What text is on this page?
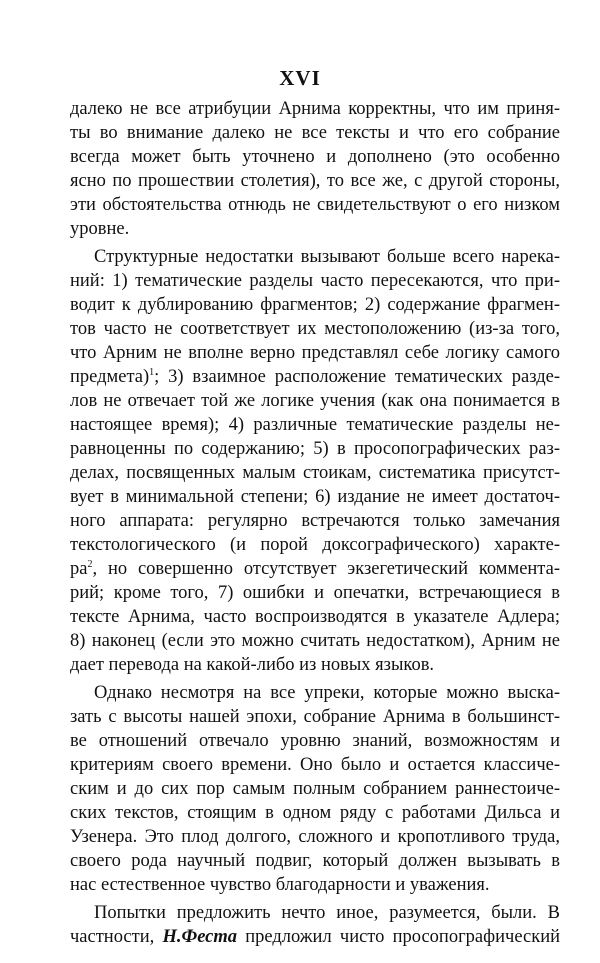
XVI
далеко не все атрибуции Арнима корректны, что им приня-
ты во внимание далеко не все тексты и что его собрание
всегда может быть уточнено и дополнено (это особенно
ясно по прошествии столетия), то все же, с другой стороны,
эти обстоятельства отнюдь не свидетельствуют о его низком
уровне.
Структурные недостатки вызывают больше всего нарека-
ний: 1) тематические разделы часто пересекаются, что при-
водит к дублированию фрагментов; 2) содержание фрагмен-
тов часто не соответствует их местоположению (из-за того,
что Арним не вполне верно представлял себе логику самого
предмета)$^1$; 3) взаимное расположение тематических разде-
лов не отвечает той же логике учения (как она понимается в
настоящее время); 4) различные тематические разделы не-
равноценны по содержанию; 5) в просопографических раз-
делах, посвященных малым стоикам, систематика присутст-
вует в минимальной степени; 6) издание не имеет достаточ-
ного аппарата: регулярно встречаются только замечания
текстологического (и порой доксографического) характе-
$ра^2$, но совершенно отсутствует экзегетический коммента-
рий; кроме того, 7) ошибки и опечатки, встречающиеся в
тексте Арнима, часто воспроизводятся в указателе Адлера;
8) наконец (если это можно считать недостатком), Арним не
дает перевода на какой-либо из новых языков.
Однако несмотря на все упреки, которые можно выска-
зать с высоты нашей эпохи, собрание Арнима в большинст-
ве отношений отвечало уровню знаний, возможностям и
критериям своего времени. Оно было и остается классиче-
ским и до сих пор самым полным собранием раннестоиче-
ских текстов, стоящим в одном ряду с работами Дильса и
Узенера. Это плод долгого, сложного и кропотливого труда,
своего рода научный подвиг, который должен вызывать в
нас естественное чувство благодарности и уважения.
Попытки предложить нечто иное, разумеется, были. В
частности, Н.Феста предложил чисто просопографический
